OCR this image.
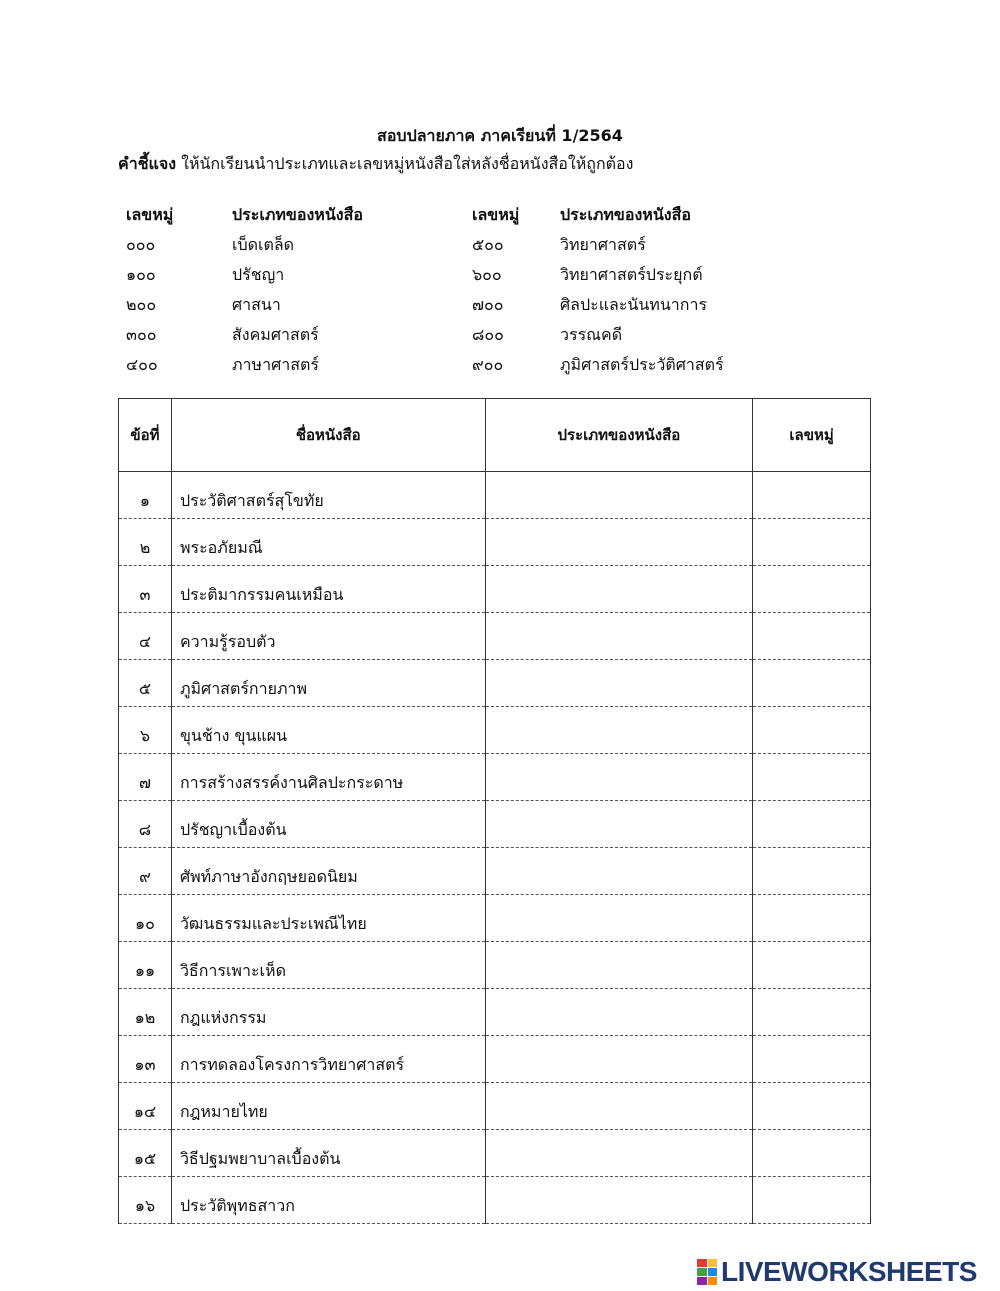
สอบปลายภาค ภาคเรียนที่ 1/2564
คำชี้แจง ให้นักเรียนนำประเภทและเลขหมู่หนังสือใส่หลังชื่อหนังสือให้ถูกต้อง
เลขหมู่	ประเภทของหนังสือ	เลขหมู่	ประเภทของหนังสือ
๐๐๐	เบ็ดเตล็ด	๕๐๐	วิทยาศาสตร์
๑๐๐	ปรัชญา	๖๐๐	วิทยาศาสตร์ประยุกต์
๒๐๐	ศาสนา	๗๐๐	ศิลปะและนันทนาการ
๓๐๐	สังคมศาสตร์	๘๐๐	วรรณคดี
๔๐๐	ภาษาศาสตร์	๙๐๐	ภูมิศาสตร์ประวัติศาสตร์
ข้อที่	ชื่อหนังสือ	ประเภทของหนังสือ	เลขหมู่
๑	ประวัติศาสตร์สุโขทัย		
๒	พระอภัยมณี		
๓	ประติมากรรมคนเหมือน		
๔	ความรู้รอบตัว		
๕	ภูมิศาสตร์กายภาพ		
๖	ขุนช้าง ขุนแผน		
๗	การสร้างสรรค์งานศิลปะกระดาษ		
๘	ปรัชญาเบื้องต้น		
๙	ศัพท์ภาษาอังกฤษยอดนิยม		
๑๐	วัฒนธรรมและประเพณีไทย		
๑๑	วิธีการเพาะเห็ด		
๑๒	กฎแห่งกรรม		
๑๓	การทดลองโครงการวิทยาศาสตร์		
๑๔	กฎหมายไทย		
๑๕	วิธีปฐมพยาบาลเบื้องต้น		
๑๖	ประวัติพุทธสาวก		
LIVEWORKSHEETS
